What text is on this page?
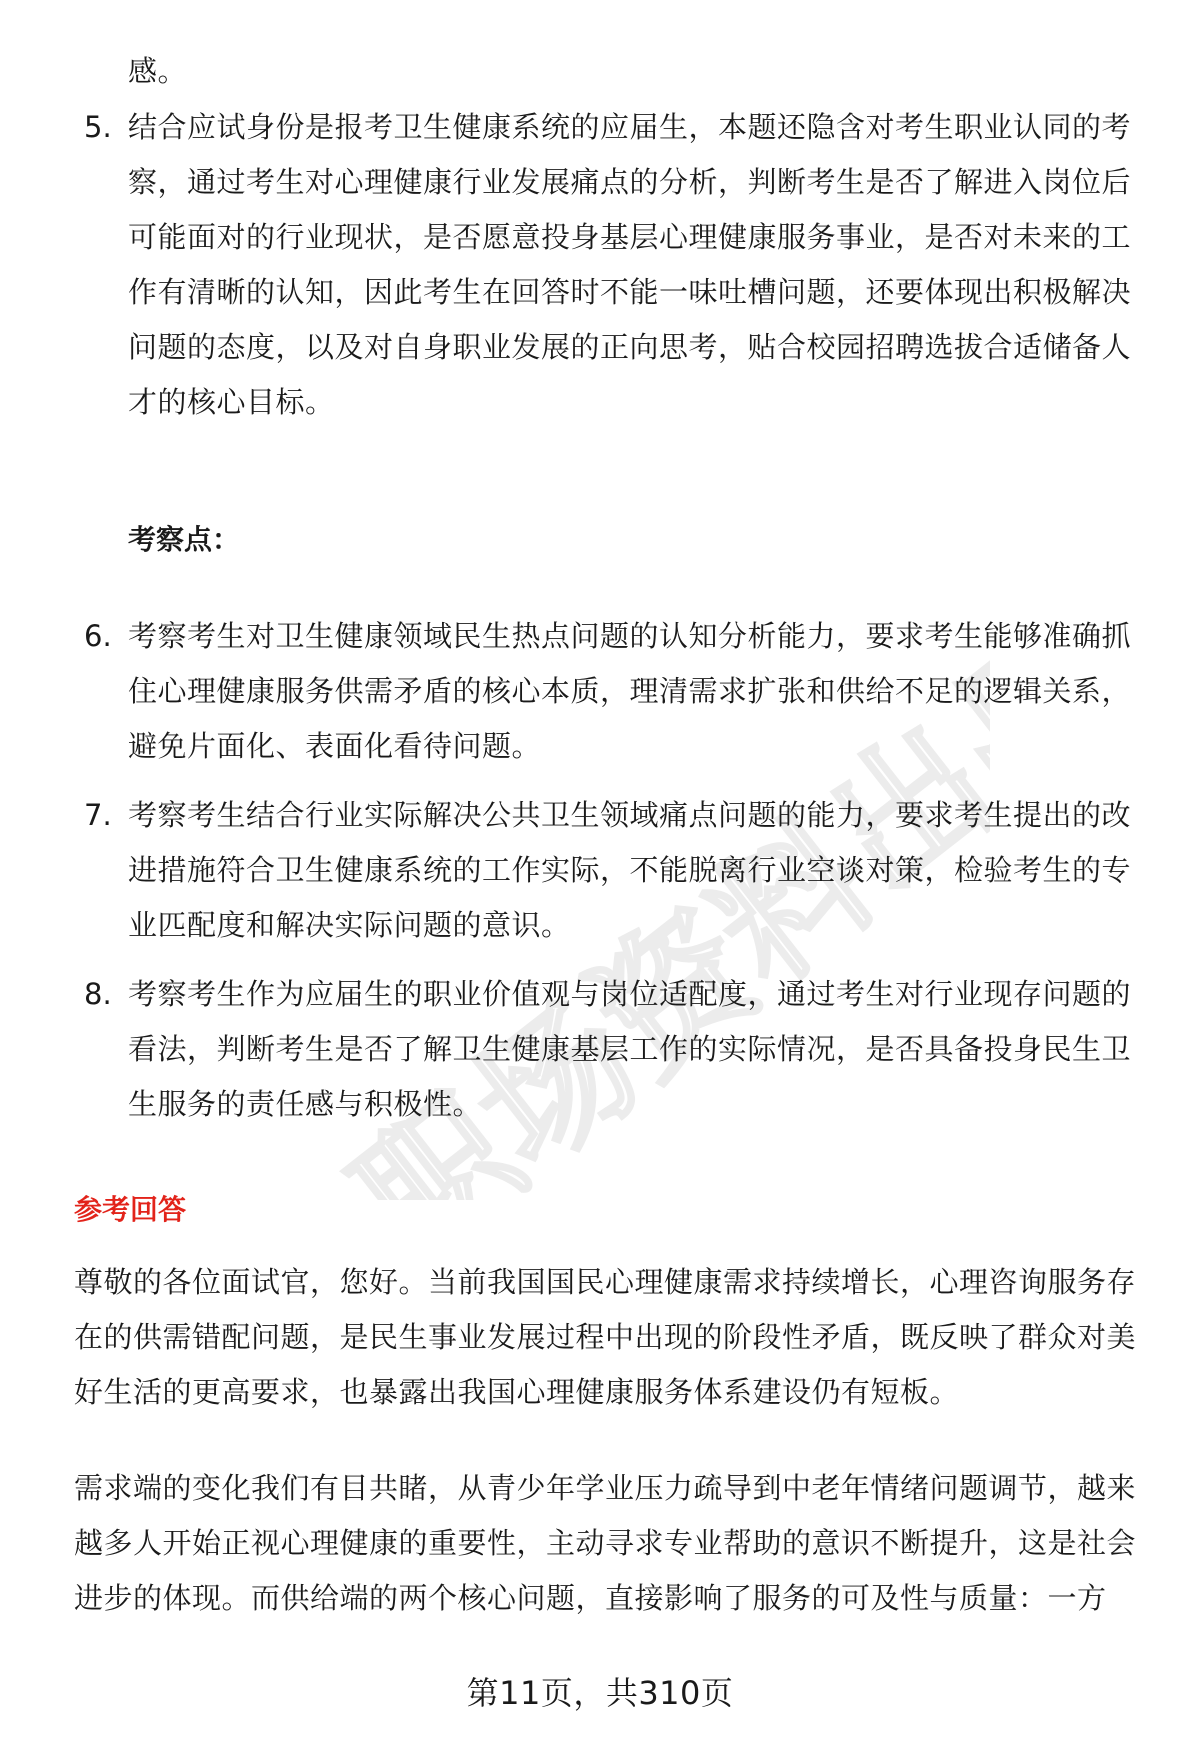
职场资料出品

感。

5. 结合应试身份是报考卫生健康系统的应届生，本题还隐含对考生职业认同的考

察，通过考生对心理健康行业发展痛点的分析，判断考生是否了解进入岗位后

可能面对的行业现状，是否愿意投身基层心理健康服务事业，是否对未来的工

作有清晰的认知，因此考生在回答时不能一味吐槽问题，还要体现出积极解决

问题的态度，以及对自身职业发展的正向思考，贴合校园招聘选拔合适储备人

才的核心目标。

考察点：

6. 考察考生对卫生健康领域民生热点问题的认知分析能力，要求考生能够准确抓

住心理健康服务供需矛盾的核心本质，理清需求扩张和供给不足的逻辑关系，

避免片面化、表面化看待问题。

7. 考察考生结合行业实际解决公共卫生领域痛点问题的能力，要求考生提出的改

进措施符合卫生健康系统的工作实际，不能脱离行业空谈对策，检验考生的专

业匹配度和解决实际问题的意识。

8. 考察考生作为应届生的职业价值观与岗位适配度，通过考生对行业现存问题的

看法，判断考生是否了解卫生健康基层工作的实际情况，是否具备投身民生卫

生服务的责任感与积极性。

参考回答

尊敬的各位面试官，您好。当前我国国民心理健康需求持续增长，心理咨询服务存

在的供需错配问题，是民生事业发展过程中出现的阶段性矛盾，既反映了群众对美

好生活的更高要求，也暴露出我国心理健康服务体系建设仍有短板。

需求端的变化我们有目共睹，从青少年学业压力疏导到中老年情绪问题调节，越来

越多人开始正视心理健康的重要性，主动寻求专业帮助的意识不断提升，这是社会

进步的体现。而供给端的两个核心问题，直接影响了服务的可及性与质量：一方

第11页，共310页
